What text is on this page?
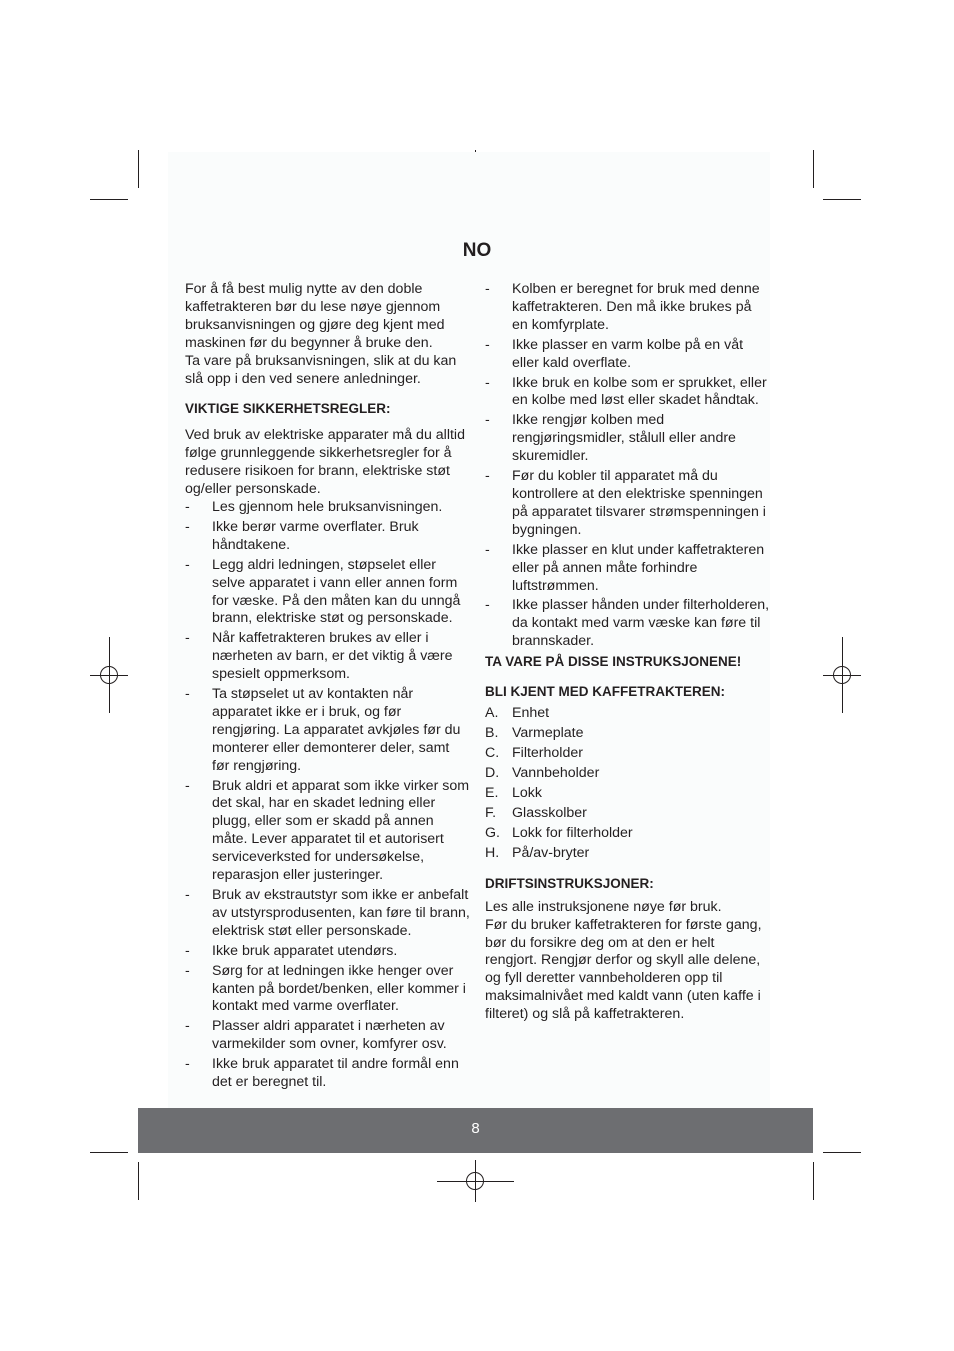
NO

For å få best mulig nytte av den doble kaffetrakteren bør du lese nøye gjennom bruksanvisningen og gjøre deg kjent med maskinen før du begynner å bruke den.

Ta vare på bruksanvisningen, slik at du kan slå opp i den ved senere anledninger.

VIKTIGE SIKKERHETSREGLER:

Ved bruk av elektriske apparater må du alltid følge grunnleggende sikkerhetsregler for å redusere risikoen for brann, elektriske støt og/eller personskade.

- Les gjennom hele bruksanvisningen.
- Ikke berør varme overflater. Bruk håndtakene.
- Legg aldri ledningen, støpselet eller selve apparatet i vann eller annen form for væske. På den måten kan du unngå brann, elektriske støt og personskade.
- Når kaffetrakteren brukes av eller i nærheten av barn, er det viktig å være spesielt oppmerksom.
- Ta støpselet ut av kontakten når apparatet ikke er i bruk, og før rengjøring. La apparatet avkjøles før du monterer eller demonterer deler, samt før rengjøring.
- Bruk aldri et apparat som ikke virker som det skal, har en skadet ledning eller plugg, eller som er skadd på annen måte. Lever apparatet til et autorisert serviceverksted for undersøkelse, reparasjon eller justeringer.
- Bruk av ekstrautstyr som ikke er anbefalt av utstyrsprodusenten, kan føre til brann, elektrisk støt eller personskade.
- Ikke bruk apparatet utendørs.
- Sørg for at ledningen ikke henger over kanten på bordet/benken, eller kommer i kontakt med varme overflater.
- Plasser aldri apparatet i nærheten av varmekilder som ovner, komfyrer osv.
- Ikke bruk apparatet til andre formål enn det er beregnet til.
- Kolben er beregnet for bruk med denne kaffetrakteren. Den må ikke brukes på en komfyrplate.
- Ikke plasser en varm kolbe på en våt eller kald overflate.
- Ikke bruk en kolbe som er sprukket, eller en kolbe med løst eller skadet håndtak.
- Ikke rengjør kolben med rengjøringsmidler, stålull eller andre skuremidler.
- Før du kobler til apparatet må du kontrollere at den elektriske spenningen på apparatet tilsvarer strømspenningen i bygningen.
- Ikke plasser en klut under kaffetrakteren eller på annen måte forhindre luftstrømmen.
- Ikke plasser hånden under filterholderen, da kontakt med varm væske kan føre til brannskader.
TA VARE PÅ DISSE INSTRUKSJONENE!
BLI KJENT MED KAFFETRAKTEREN:
A. Enhet
B. Varmeplate
C. Filterholder
D. Vannbeholder
E. Lokk
F. Glasskolber
G. Lokk for filterholder
H. På/av-bryter
DRIFTSINSTRUKSJONER:

Les alle instruksjonene nøye før bruk.

Før du bruker kaffetrakteren for første gang, bør du forsikre deg om at den er helt rengjort. Rengjør derfor og skyll alle delene, og fyll deretter vannbeholderen opp til maksimalnivået med kaldt vann (uten kaffe i filteret) og slå på kaffetrakteren.

8
